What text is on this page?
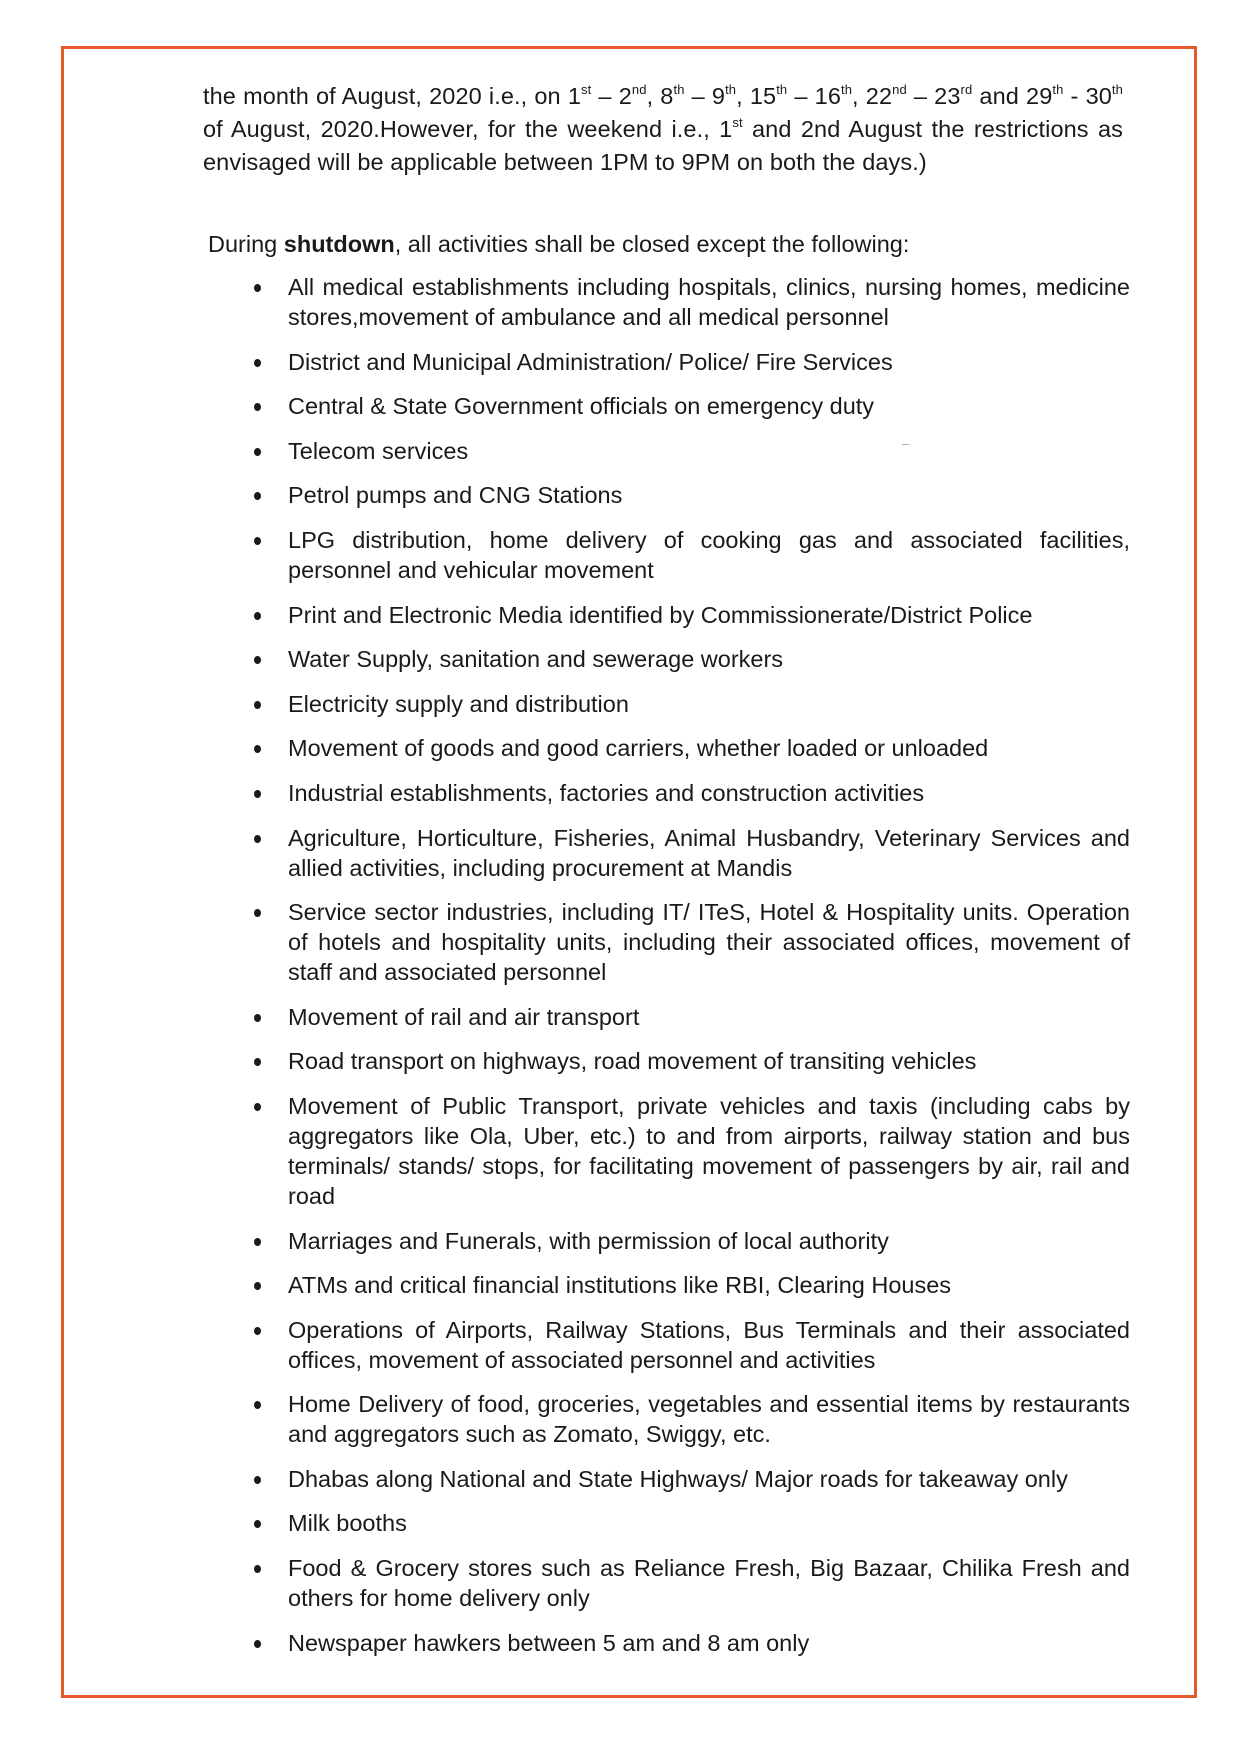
the month of August, 2020 i.e., on 1st – 2nd, 8th – 9th, 15th – 16th, 22nd – 23rd and 29th - 30th of August, 2020.However, for the weekend i.e., 1st and 2nd August the restrictions as envisaged will be applicable between 1PM to 9PM on both the days.)

During shutdown, all activities shall be closed except the following:

All medical establishments including hospitals, clinics, nursing homes, medicine stores,movement of ambulance and all medical personnel
District and Municipal Administration/ Police/ Fire Services
Central & State Government officials on emergency duty
Telecom services
Petrol pumps and CNG Stations
LPG distribution, home delivery of cooking gas and associated facilities, personnel and vehicular movement
Print and Electronic Media identified by Commissionerate/District Police
Water Supply, sanitation and sewerage workers
Electricity supply and distribution
Movement of goods and good carriers, whether loaded or unloaded
Industrial establishments, factories and construction activities
Agriculture, Horticulture, Fisheries, Animal Husbandry, Veterinary Services and allied activities, including procurement at Mandis
Service sector industries, including IT/ ITeS, Hotel & Hospitality units. Operation of hotels and hospitality units, including their associated offices, movement of staff and associated personnel
Movement of rail and air transport
Road transport on highways, road movement of transiting vehicles
Movement of Public Transport, private vehicles and taxis (including cabs by aggregators like Ola, Uber, etc.) to and from airports, railway station and bus terminals/ stands/ stops, for facilitating movement of passengers by air, rail and road
Marriages and Funerals, with permission of local authority
ATMs and critical financial institutions like RBI, Clearing Houses
Operations of Airports, Railway Stations, Bus Terminals and their associated offices, movement of associated personnel and activities
Home Delivery of food, groceries, vegetables and essential items by restaurants and aggregators such as Zomato, Swiggy, etc.
Dhabas along National and State Highways/ Major roads for takeaway only
Milk booths
Food & Grocery stores such as Reliance Fresh, Big Bazaar, Chilika Fresh and others for home delivery only
Newspaper hawkers between 5 am and 8 am only
